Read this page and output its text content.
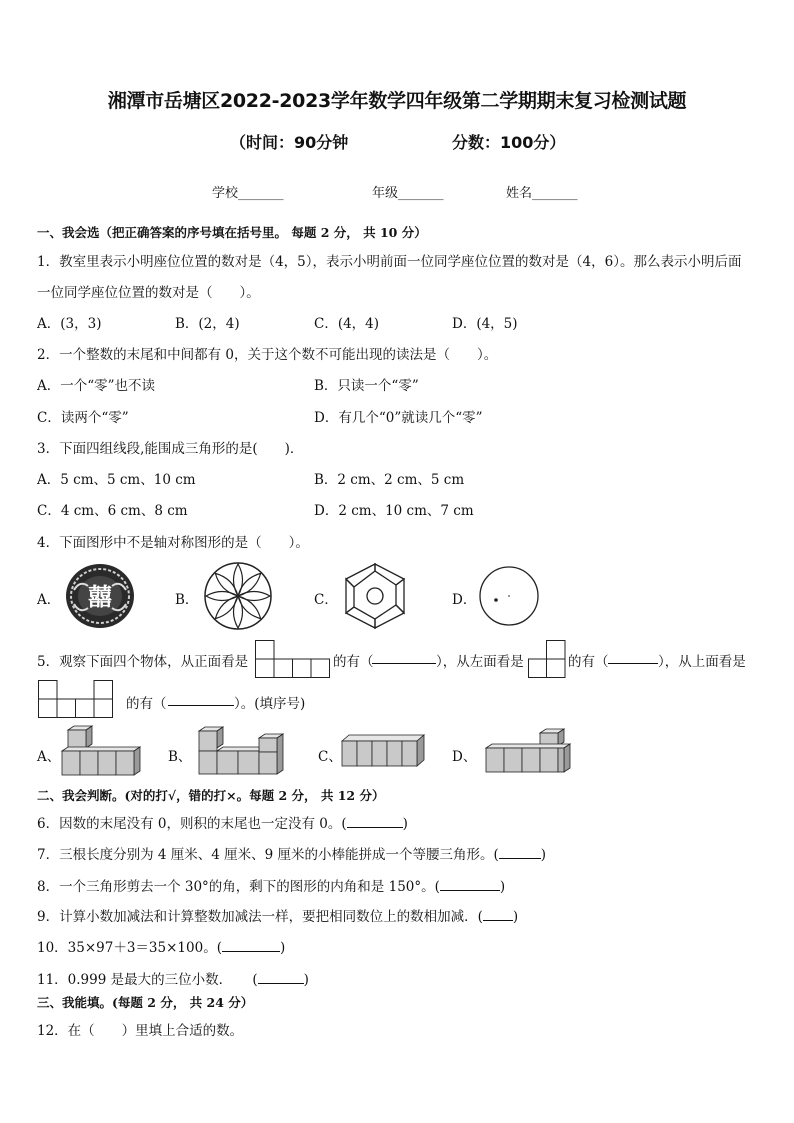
湘潭市岳塘区2022-2023学年数学四年级第二学期期末复习检测试题
（时间：90分钟	分数：100分）
学校_______	年级_______	姓名_______
一、我会选（把正确答案的序号填在括号里。 每题 2 分， 共 10 分）
1．教室里表示小明座位位置的数对是（4，5），表示小明前面一位同学座位位置的数对是（4，6）。那么表示小明后面
一位同学座位位置的数对是（　　）。
A．(3，3)	B．(2，4)	C．(4，4)	D．(4，5)
2．一个整数的末尾和中间都有 0，关于这个数不可能出现的读法是（　　）。
A．一个“零”也不读	B．只读一个“零”
C．读两个“零”	D．有几个“0”就读几个“零”
3．下面四组线段,能围成三角形的是(　　)．
A．5 cm、5 cm、10 cm	B．2 cm、2 cm、5 cm
C．4 cm、6 cm、8 cm	D．2 cm、10 cm、7 cm
4．下面图形中不是轴对称图形的是（　　）。
A．	B．	C．	D．
囍
5．观察下面四个物体，从正面看是	的有（	），从左面看是	的有（	），从上面看是
的有（	）。(填序号)
A、	B、	C、	D、
二、我会判断。(对的打√，错的打×。每题 2 分， 共 12 分）
6．因数的末尾没有 0，则积的末尾也一定没有 0。(	)
7．三根长度分别为 4 厘米、4 厘米、9 厘米的小棒能拼成一个等腰三角形。(	)
8．一个三角形剪去一个 30°的角，剩下的图形的内角和是 150°。(	)
9．计算小数加减法和计算整数加减法一样，要把相同数位上的数相加减．( )
10．35×97＋3＝35×100。(	)
11．0.999 是最大的三位小数．　　(	)
三、我能填。(每题 2 分， 共 24 分）
12．在（　　）里填上合适的数。
